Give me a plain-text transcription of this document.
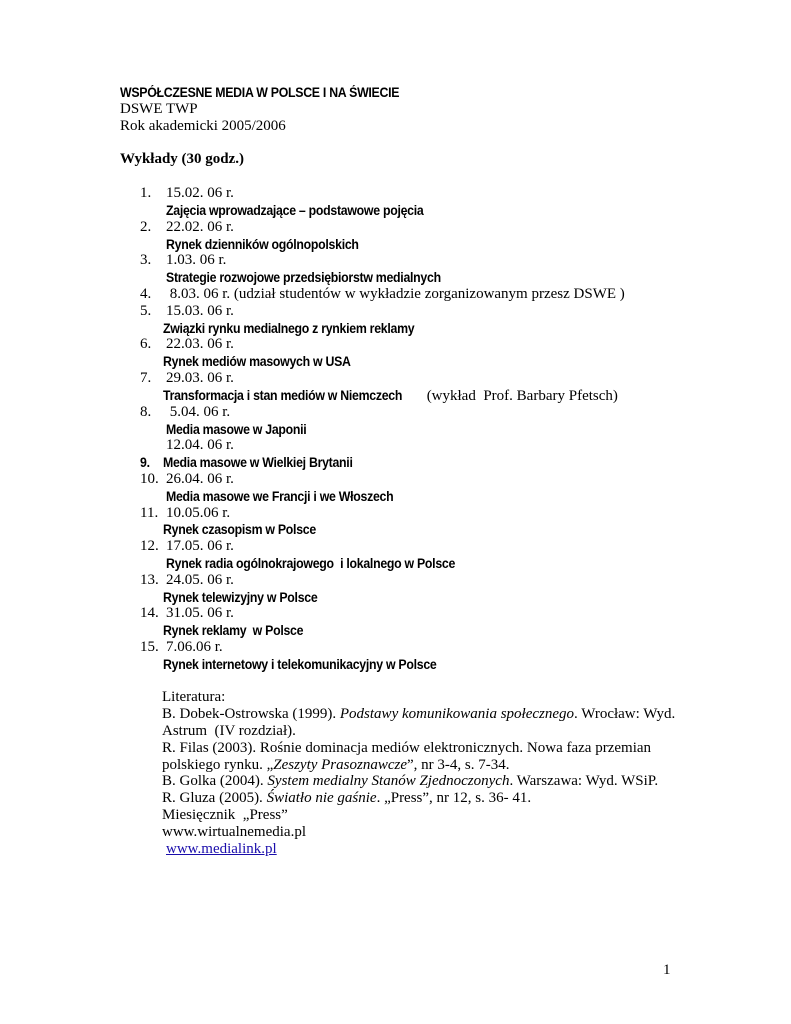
WSPÓŁCZESNE MEDIA W POLSCE I NA ŚWIECIE
DSWE TWP
Rok akademicki 2005/2006
Wykłady (30 godz.)
1. 15.02. 06 r.
Zajęcia wprowadzające – podstawowe pojęcia
2. 22.02. 06 r.
Rynek dzienników ogólnopolskich
3. 1.03. 06 r.
Strategie rozwojowe przedsiębiorstw medialnych
4. 8.03. 06 r. (udział studentów w wykładzie zorganizowanym przesz DSWE )
5. 15.03. 06 r.
Związki rynku medialnego z rynkiem reklamy
6. 22.03. 06 r.
Rynek mediów masowych w USA
7. 29.03. 06 r.
Transformacja i stan mediów w Niemczech (wykład  Prof. Barbary Pfetsch)
8. 5.04. 06 r.
Media masowe w Japonii
12.04. 06 r.
9. Media masowe w Wielkiej Brytanii
10. 26.04. 06 r.
Media masowe we Francji i we Włoszech
11. 10.05.06 r.
Rynek czasopism w Polsce
12. 17.05. 06 r.
Rynek radia ogólnokrajowego  i lokalnego w Polsce
13. 24.05. 06 r.
Rynek telewizyjny w Polsce
14. 31.05. 06 r.
Rynek reklamy  w Polsce
15. 7.06.06 r.
Rynek internetowy i telekomunikacyjny w Polsce
Literatura:
B. Dobek-Ostrowska (1999). Podstawy komunikowania społecznego. Wrocław: Wyd.
Astrum  (IV rozdział).
R. Filas (2003). Rośnie dominacja mediów elektronicznych. Nowa faza przemian
polskiego rynku. „Zeszyty Prasoznawcze”, nr 3-4, s. 7-34.
B. Golka (2004). System medialny Stanów Zjednoczonych. Warszawa: Wyd. WSiP.
R. Gluza (2005). Światło nie gaśnie. „Press”, nr 12, s. 36- 41.
Miesięcznik  „Press”
www.wirtualnemedia.pl
www.medialink.pl
1
